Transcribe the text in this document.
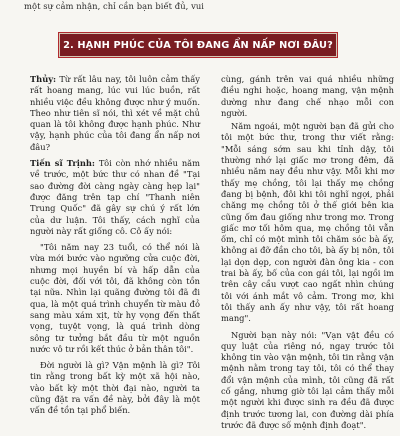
một sự cảm nhận, chỉ cần bạn biết đủ, vui
2. HẠNH PHÚC CỦA TÔI ĐANG ẨN NẤP NƠI ĐÂU?

Thủy: Từ rất lâu nay, tôi luôn cảm thấy rất hoang mang, lúc vui lúc buồn, rất nhiều việc đều không được như ý muốn. Theo như tiên sĩ nói, thì xét về mặt chủ quan là tôi không được hạnh phúc. Như vậy, hạnh phúc của tôi đang ẩn nấp nơi đâu?

Tiến sĩ Trịnh: Tôi còn nhớ nhiều năm về trước, một bức thư có nhan đề "Tại sao đường đời càng ngày càng hẹp lại" được đăng trên tạp chí "Thanh niên Trung Quốc" đã gây sự chú ý rất lớn của dư luận. Tôi thấy, cách nghĩ của người này rất giống cô. Cô ấy nói:

"Tôi năm nay 23 tuổi, có thể nói là vừa mới bước vào ngưỡng cửa cuộc đời, nhưng mọi huyền bí và hấp dẫn của cuộc đời, đối với tôi, đã không còn tồn tại nữa. Nhìn lại quãng đường tôi đã đi qua, là một quá trình chuyển từ màu đỏ sang màu xám xịt, từ hy vọng đến thất vọng, tuyệt vọng, là quá trình dòng sông tư tưởng bắt đầu từ một nguồn nước vô tư rồi kết thúc ở bản thân tôi".

Đời người là gì? Vận mệnh là gì? Tôi tin rằng trong bất kỳ một xã hội nào, vào bất kỳ một thời đại nào, người ta cũng đặt ra vấn đề này, bởi đây là một vấn đề tồn tại phổ biến.

cùng, gánh trên vai quá nhiều những điều nghi hoặc, hoang mang, vận mệnh dường như đang chế nhạo mỗi con người.

Năm ngoái, một người bạn đã gửi cho tôi một bức thư, trong thư viết rằng: "Mỗi sáng sớm sau khi tỉnh dậy, tôi thường nhớ lại giấc mơ trong đêm, đã nhiều năm nay đều như vậy. Mỗi khi mơ thấy mẹ chồng, tôi lại thấy mẹ chồng đang bị bệnh, đôi khi tôi nghĩ ngợi, phải chăng mẹ chồng tôi ở thế giới bên kia cũng ốm đau giống như trong mơ. Trong giấc mơ tối hôm qua, mẹ chồng tôi vẫn ốm, chỉ có một mình tôi chăm sóc bà ấy, không ai đỡ đần cho tôi, bà ấy bị nôn, tôi lại dọn dẹp, con người đàn ông kia - con trai bà ấy, bố của con gái tôi, lại ngồi im trên cây cầu vượt cao ngất nhìn chúng tôi với ánh mắt vô cảm. Trong mơ, khi tôi thấy anh ấy như vậy, tôi rất hoang mang".

Người bạn này nói: "Vạn vật đều có quy luật của riêng nó, ngay trước tôi không tin vào vận mệnh, tôi tin rằng vận mệnh nằm trong tay tôi, tôi có thể thay đổi vận mệnh của mình, tôi cũng đã rất cố gắng, nhưng giờ tôi lại cảm thấy mỗi một người khi được sinh ra đều đã được định trước tương lai, con đường dài phía trước đã được số mệnh định đoạt".
